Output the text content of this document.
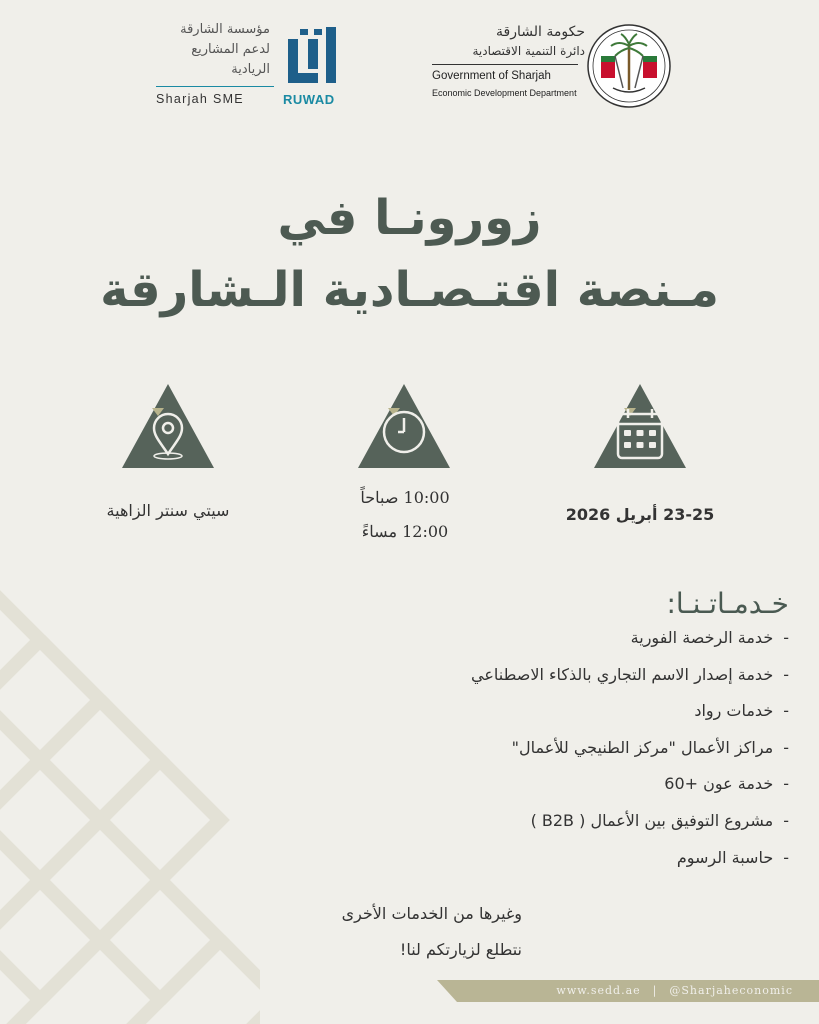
حكومة الشارقة
دائرة التنمية الاقتصادية
Government of Sharjah
Economic Development Department
مؤسسة الشارقة
لدعم المشاريع
الريادية
Sharjah SME	RUWAD
زورونـا في
مـنصة اقتـصـادية الـشارقة
سيتي سنتر الزاهية
10:00 صباحاً
12:00 مساءً
23-25 أبريل 2026
خـدمـاتـنـا:
-خدمة الرخصة الفورية
-خدمة إصدار الاسم التجاري بالذكاء الاصطناعي
-خدمات رواد
-مراكز الأعمال "مركز الطنيجي للأعمال"
-خدمة عون +60
-مشروع التوفيق بين الأعمال ( B2B )
-حاسبة الرسوم
وغيرها من الخدمات الأخرى
نتطلع لزيارتكم لنا!
www.sedd.ae | @Sharjaheconomic
